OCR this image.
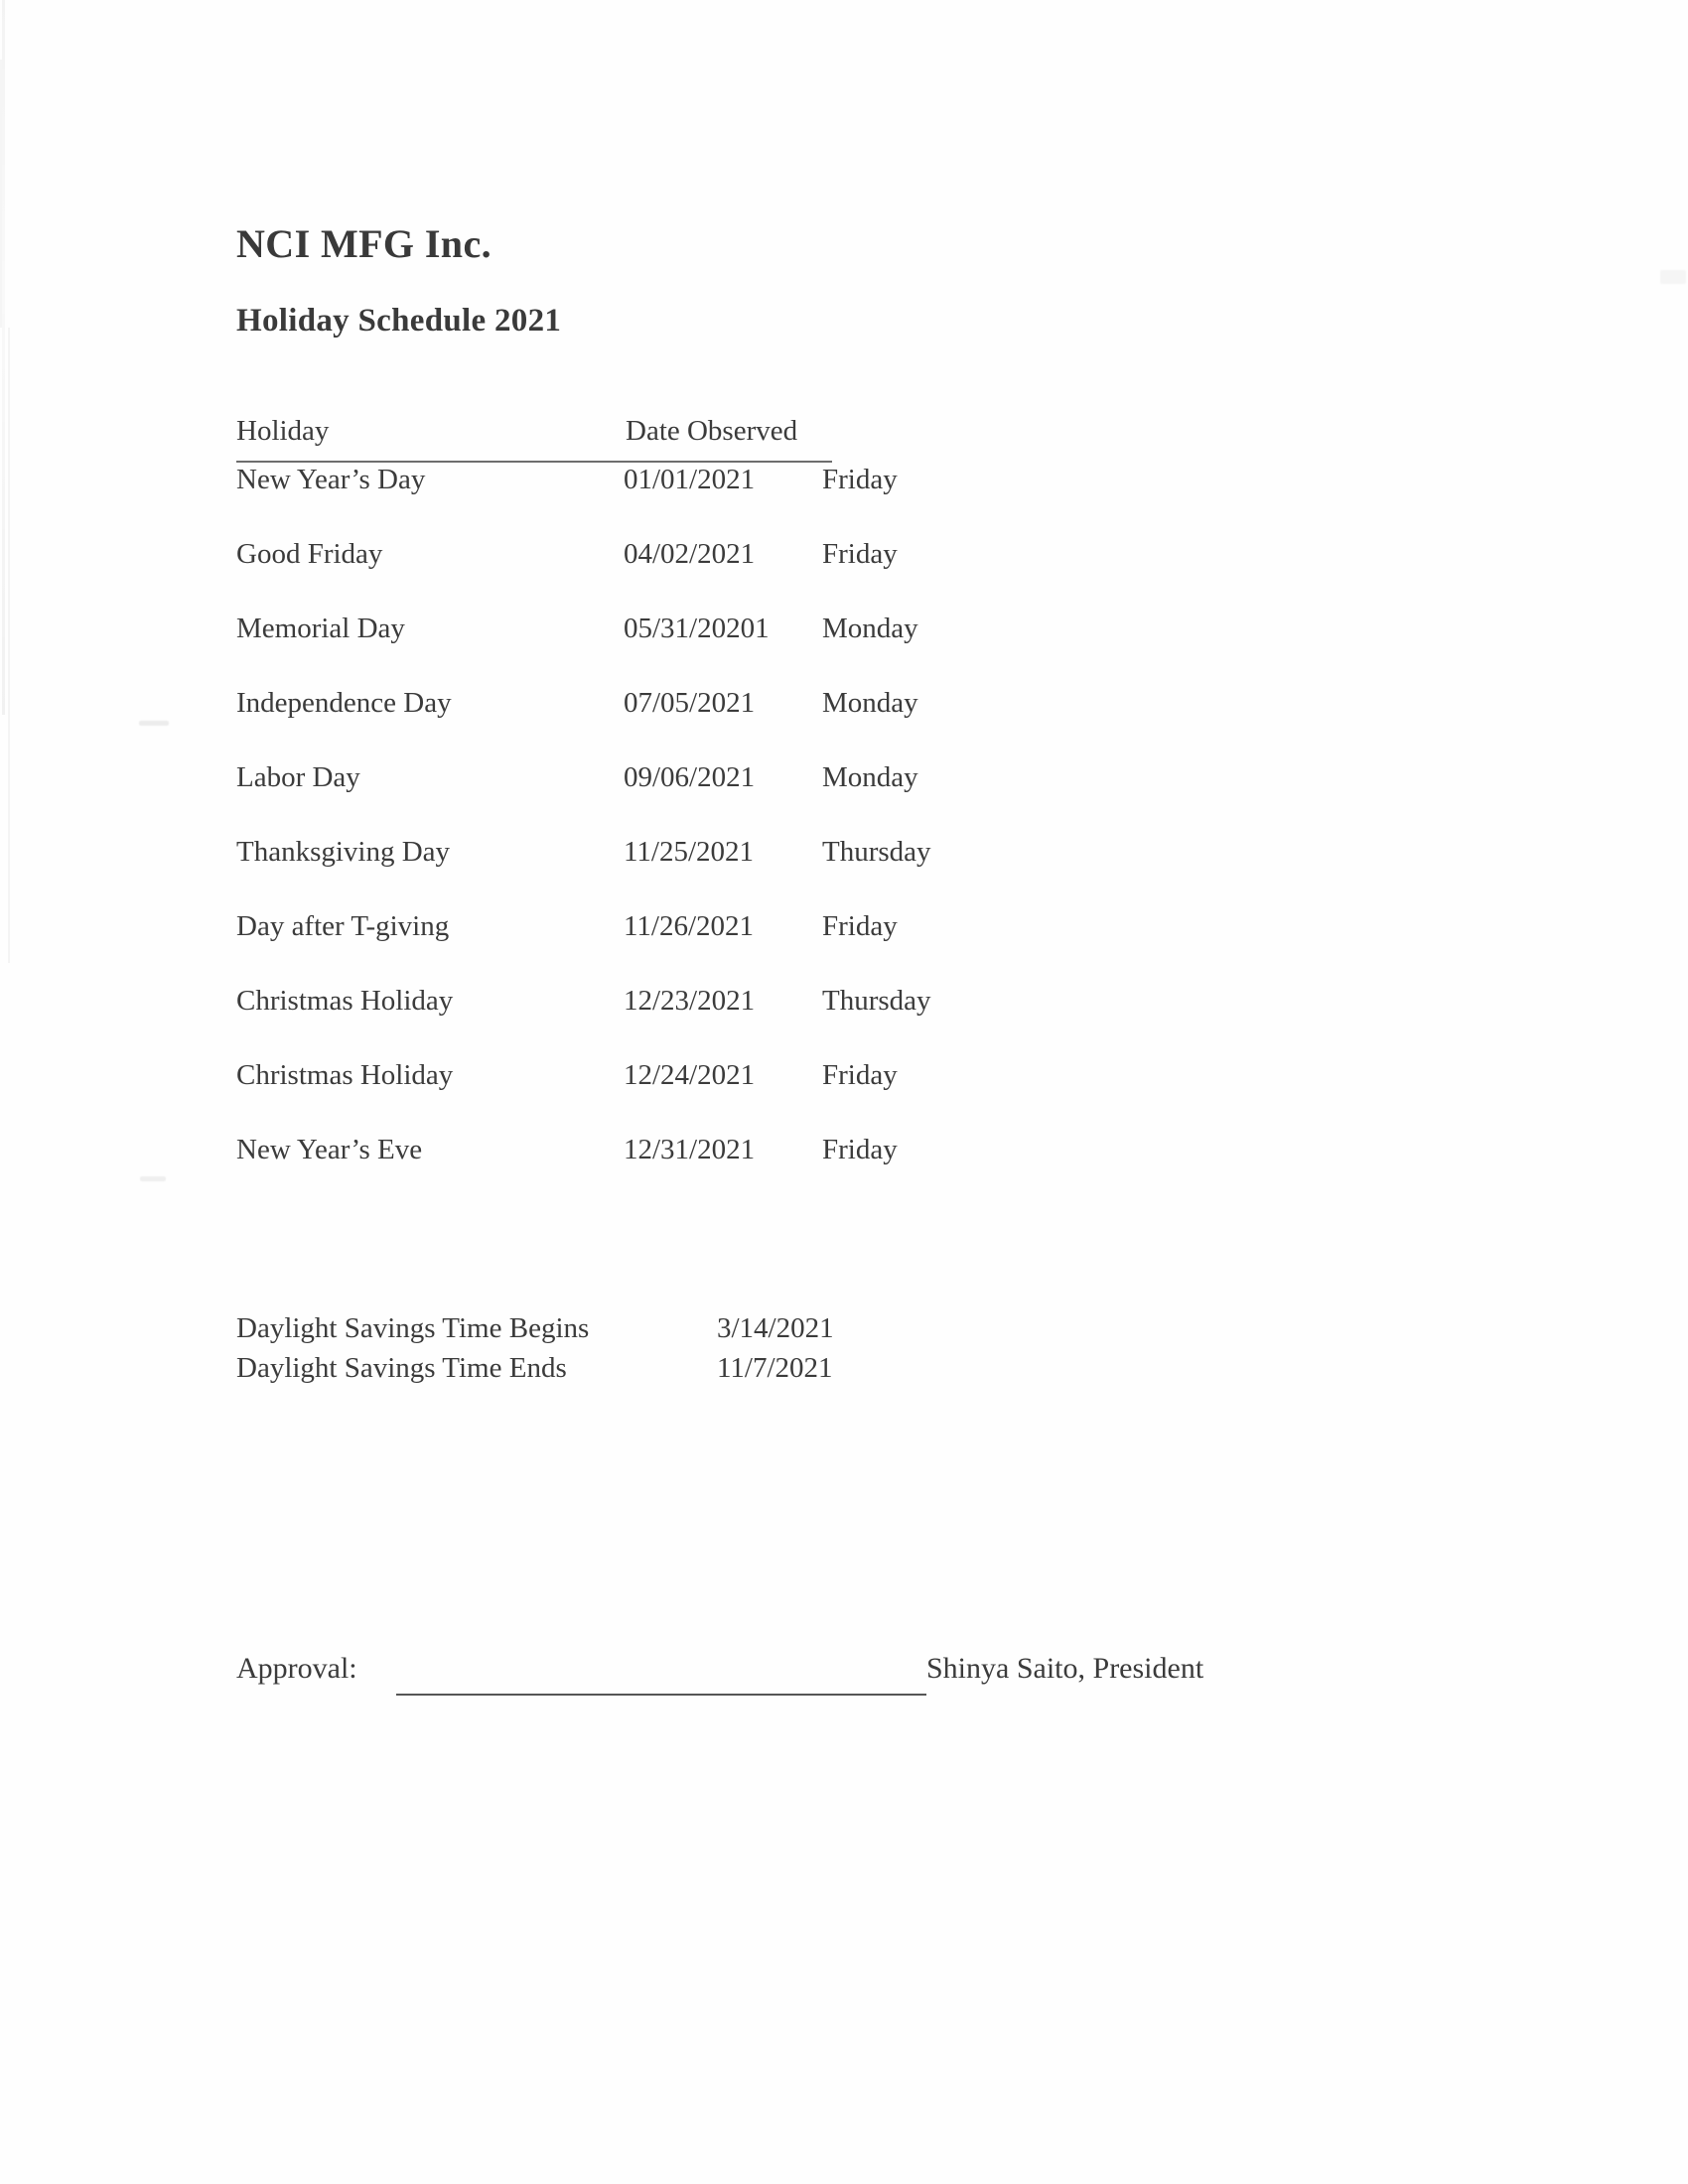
NCI MFG Inc.
Holiday Schedule 2021
Holiday	Date Observed
New Year’s Day	01/01/2021 Friday
Good Friday	04/02/2021 Friday
Memorial Day	05/31/20201 Monday
Independence Day	07/05/2021 Monday
Labor Day	09/06/2021 Monday
Thanksgiving Day	11/25/2021 Thursday
Day after T-giving	11/26/2021 Friday
Christmas Holiday	12/23/2021 Thursday
Christmas Holiday	12/24/2021 Friday
New Year’s Eve	12/31/2021 Friday
Daylight Savings Time Begins	3/14/2021
Daylight Savings Time Ends	11/7/2021
Approval:	Shinya Saito, President
